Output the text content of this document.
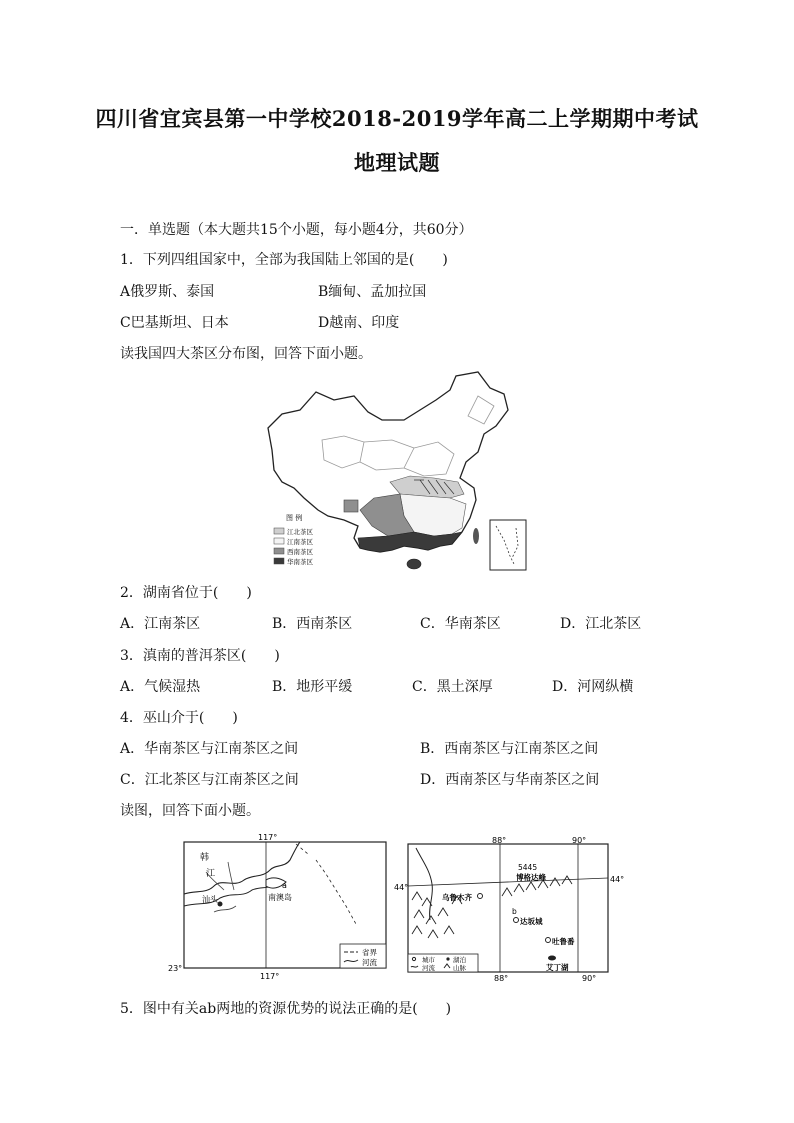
四川省宜宾县第一中学校2018-2019学年高二上学期期中考试
地理试题
一．单选题（本大题共15个小题，每小题4分，共60分）
1．下列四组国家中，全部为我国陆上邻国的是(　　)
A俄罗斯、泰国	B缅甸、孟加拉国
C巴基斯坦、日本	D越南、印度
读我国四大茶区分布图，回答下面小题。
图 例
江北茶区
江南茶区
西南茶区
华南茶区
2．湖南省位于(　　)
A．江南茶区	B．西南茶区	C．华南茶区	D．江北茶区
3．滇南的普洱茶区(　　)
A．气候湿热	B．地形平缓	C．黑土深厚	D．河网纵横
4．巫山介于(　　)
A．华南茶区与江南茶区之间	B．西南茶区与江南茶区之间
C．江北茶区与江南茶区之间	D．西南茶区与华南茶区之间
读图，回答下面小题。
117°
117°
23°
韩
江
汕头
a
南澳岛
省界
河流
88°	90°
88°	90°
44°
44°
5445
博格达峰
乌鲁木齐
b
达坂城
吐鲁番
艾丁湖
城市	湖泊
河流	山脉
5．图中有关ab两地的资源优势的说法正确的是(　　)
